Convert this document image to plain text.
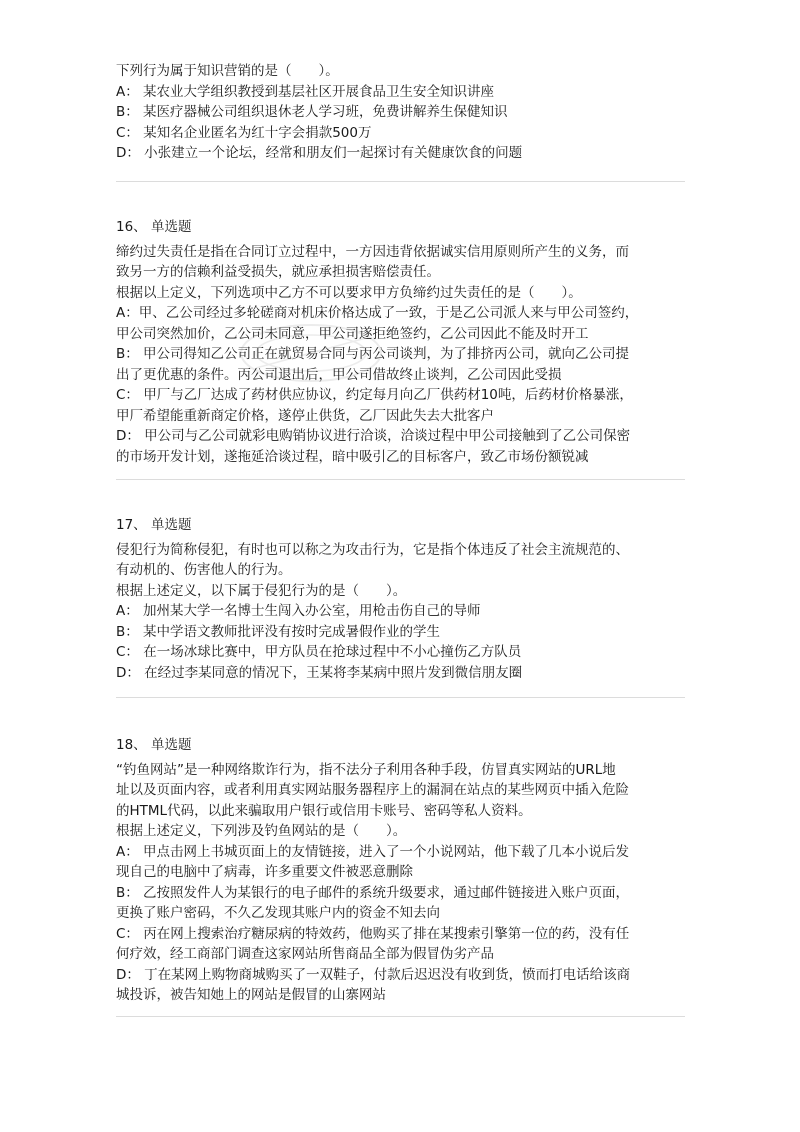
下列行为属于知识营销的是（　　）。
A： 某农业大学组织教授到基层社区开展食品卫生安全知识讲座
B： 某医疗器械公司组织退休老人学习班，免费讲解养生保健知识
C： 某知名企业匿名为红十字会捐款500万
D： 小张建立一个论坛，经常和朋友们一起探讨有关健康饮食的问题
16、 单选题
缔约过失责任是指在合同订立过程中，一方因违背依据诚实信用原则所产生的义务，而
致另一方的信赖利益受损失，就应承担损害赔偿责任。
根据以上定义，下列选项中乙方不可以要求甲方负缔约过失责任的是（　　）。
A：甲、乙公司经过多轮磋商对机床价格达成了一致，于是乙公司派人来与甲公司签约，
甲公司突然加价，乙公司未同意，甲公司遂拒绝签约，乙公司因此不能及时开工
B： 甲公司得知乙公司正在就贸易合同与丙公司谈判，为了排挤丙公司，就向乙公司提
出了更优惠的条件。丙公司退出后，甲公司借故终止谈判，乙公司因此受损
C： 甲厂与乙厂达成了药材供应协议，约定每月向乙厂供药材10吨，后药材价格暴涨，
甲厂希望能重新商定价格，遂停止供货，乙厂因此失去大批客户
D： 甲公司与乙公司就彩电购销协议进行洽谈，洽谈过程中甲公司接触到了乙公司保密
的市场开发计划，遂拖延洽谈过程，暗中吸引乙的目标客户，致乙市场份额锐减
17、 单选题
侵犯行为简称侵犯，有时也可以称之为攻击行为，它是指个体违反了社会主流规范的、
有动机的、伤害他人的行为。
根据上述定义，以下属于侵犯行为的是（　　）。
A： 加州某大学一名博士生闯入办公室，用枪击伤自己的导师
B： 某中学语文教师批评没有按时完成暑假作业的学生
C： 在一场冰球比赛中，甲方队员在抢球过程中不小心撞伤乙方队员
D： 在经过李某同意的情况下，王某将李某病中照片发到微信朋友圈
18、 单选题
“钓鱼网站”是一种网络欺诈行为，指不法分子利用各种手段，仿冒真实网站的URL地
址以及页面内容，或者利用真实网站服务器程序上的漏洞在站点的某些网页中插入危险
的HTML代码，以此来骗取用户银行或信用卡账号、密码等私人资料。
根据上述定义，下列涉及钓鱼网站的是（　　）。
A： 甲点击网上书城页面上的友情链接，进入了一个小说网站，他下载了几本小说后发
现自己的电脑中了病毒，许多重要文件被恶意删除
B： 乙按照发件人为某银行的电子邮件的系统升级要求，通过邮件链接进入账户页面，
更换了账户密码，不久乙发现其账户内的资金不知去向
C： 丙在网上搜索治疗糖尿病的特效药，他购买了排在某搜索引擎第一位的药，没有任
何疗效，经工商部门调查这家网站所售商品全部为假冒伪劣产品
D： 丁在某网上购物商城购买了一双鞋子，付款后迟迟没有收到货，愤而打电话给该商
城投诉，被告知她上的网站是假冒的山寨网站
